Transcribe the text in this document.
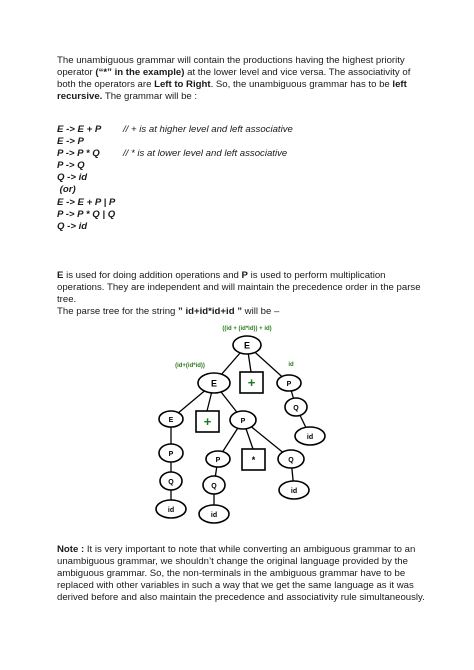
The unambiguous grammar will contain the productions having the highest priority operator (“*” in the example) at the lower level and vice versa. The associativity of both the operators are Left to Right. So, the unambiguous grammar has to be left recursive. The grammar will be :

E -> E + P
E -> P
P -> P * Q
P -> Q
Q -> id
(or)
E -> E + P | P
P -> P * Q | Q
Q -> id
// + is at higher level and left associative
// * is at lower level and left associative

E is used for doing addition operations and P is used to perform multiplication operations. They are independent and will maintain the precedence order in the parse tree.
The parse tree for the string ” id+id*id+id ” will be –

((id + (id*id)) + id)
(id+(id*id))	id
E
+	P
Q
id
E
+	P
E
P
Q
id
P	*	Q
id
Q
id

Note : It is very important to note that while converting an ambiguous grammar to an unambiguous grammar, we shouldn’t change the original language provided by the ambiguous grammar. So, the non-terminals in the ambiguous grammar have to be replaced with other variables in such a way that we get the same language as it was derived before and also maintain the precedence and associativity rule simultaneously.
